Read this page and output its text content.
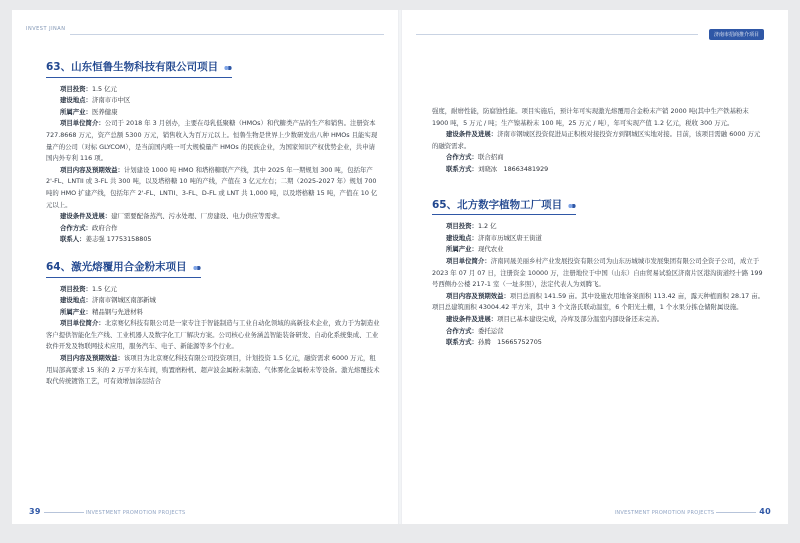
INVEST JINAN
63、山东恒鲁生物科技有限公司项目
项目投资：1.5 亿元
建设地点：济南市市中区
所属产业：医养健康
项目单位简介：公司于 2018 年 3 月创办，主要在母乳低聚糖（HMOs）和代糖类产品的生产和销售。注册资本 727.8668 万元，资产总额 5300 万元，销售收入为百万元以上。恒鲁生物是世界上少数研发出八种 HMOs 且能实现量产的公司（对标 GLYCOM），是当前国内唯一可大规模量产 HMOs 的民族企业，为国家知识产权优势企业，共申请国内外专利 116 项。
项目内容及预期效益：计划建设 1000 吨 HMO 和塔格糖联产产线，其中 2025 年一期规划 300 吨，包括年产 2'-FL、LNTII 或 3-FL 共 300 吨，以及塔格糖 10 吨的产线，产值在 3 亿元左右；二期（2025-2027 年）规划 700 吨的 HMO 扩建产线，包括年产 2'-FL、LNTII、3-FL、D-FL 或 LNT 共 1,000 吨，以及塔格糖 15 吨，产值在 10 亿元以上。
建设条件及进展：建厂需要配备蒸汽、污水处理、厂房建设、电力供应等需求。
合作方式：政府合作
联系人：姜志强 17753158805
64、激光熔覆用合金粉末项目
项目投资：1.5 亿元
建设地点：济南市钢城区南部新城
所属产业：精品钢与先进材料
项目单位简介：北京赛亿科技有限公司是一家专注于智能制造与工业自动化领域的高新技术企业，致力于为制造业客户提供智能化生产线、工业机器人及数字化工厂解决方案。公司核心业务涵盖智能装备研发、自动化系统集成、工业软件开发及物联网技术应用，服务汽车、电子、新能源等多个行业。
项目内容及预期效益：该项目为北京赛亿科技有限公司投资项目，计划投资 1.5 亿元，融资需求 6000 万元，租用局部高要求 15 米的 2 万平方米车间，购置磨粉机、超声波金属粉末制造、气体雾化金属粉末等设备。激光熔覆技术取代传统镀铬工艺，可有效增加涂层结合
39	INVESTMENT PROMOTION PROJECTS
济南市招商推介项目
强度，耐磨性能，防腐蚀性能。项目实施后，预计年可实现激光熔覆用合金粉末产销 2000 吨(其中生产铁基粉末 1900 吨，5 万元 / 吨；生产镍基粉末 100 吨，25 万元 / 吨），年可实现产值 1.2 亿元，税收 300 万元。
建设条件及进展：济南市钢城区投资促进局正积极对接投资方到钢城区实地对接。目前，该项目需融 6000 万元的融资需求。
合作方式：联合招商
联系方式：刘晓冰　18663481929
65、北方数字植物工厂项目
项目投资：1.2 亿
建设地点：济南市历城区唐王街道
所属产业：现代农业
项目单位简介：济南同晟美丽乡村产业发展投资有限公司为山东历城城市发展集团有限公司全资子公司，成立于 2023 年 07 月 07 日，注册资金 10000 万，注册地位于中国（山东）自由贸易试验区济南片区港沟街道经十路 199 号西侧办公楼 217-1 室（一址多照），法定代表人为刘腾飞。
项目内容及预期效益：项目总面积 141.59 亩。其中设施农用地备案面积 113.42 亩，露天种植面积 28.17 亩。项目总建筑面积 43004.42 平方米，其中 3 个文洛氏联动温室，6 个阳光土棚，1 个水果分拣仓储附属设施。
建设条件及进展：项目已基本建设完成，冷库及部分温室内部设备还未完善。
合作方式：委托运营
联系方式：孙腾　15665752705
INVESTMENT PROMOTION PROJECTS	40
